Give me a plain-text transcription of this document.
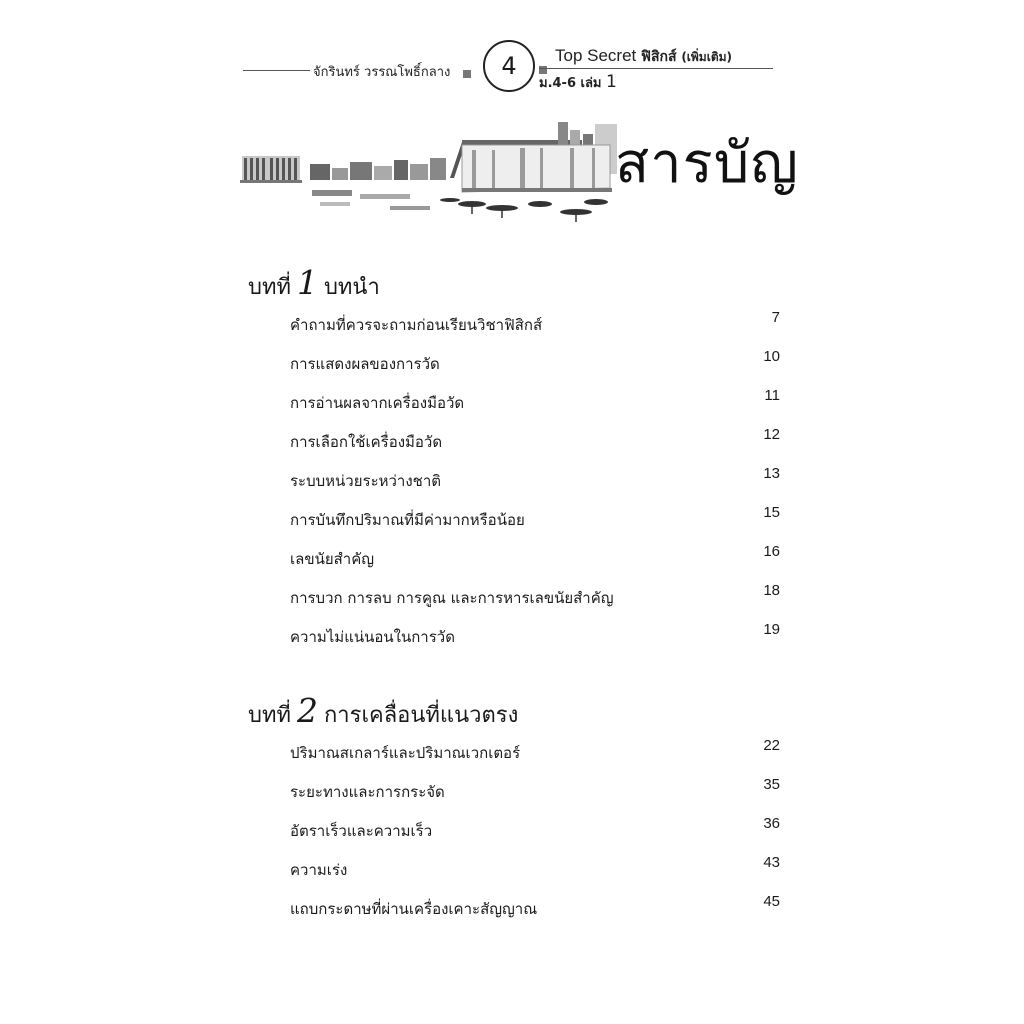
จักรินทร์ วรรณโพธิ์กลาง 4 Top Secret ฟิสิกส์ (เพิ่มเติม)
ม.4-6 เล่ม 1
สารบัญ
บทที่ 1 บทนำ
คำถามที่ควรจะถามก่อนเรียนวิชาฟิสิกส์	7
การแสดงผลของการวัด	10
การอ่านผลจากเครื่องมือวัด	11
การเลือกใช้เครื่องมือวัด	12
ระบบหน่วยระหว่างชาติ	13
การบันทึกปริมาณที่มีค่ามากหรือน้อย	15
เลขนัยสำคัญ	16
การบวก การลบ การคูณ และการหารเลขนัยสำคัญ	18
ความไม่แน่นอนในการวัด	19
บทที่ 2 การเคลื่อนที่แนวตรง
ปริมาณสเกลาร์และปริมาณเวกเตอร์	22
ระยะทางและการกระจัด	35
อัตราเร็วและความเร็ว	36
ความเร่ง	43
แถบกระดาษที่ผ่านเครื่องเคาะสัญญาณ	45
